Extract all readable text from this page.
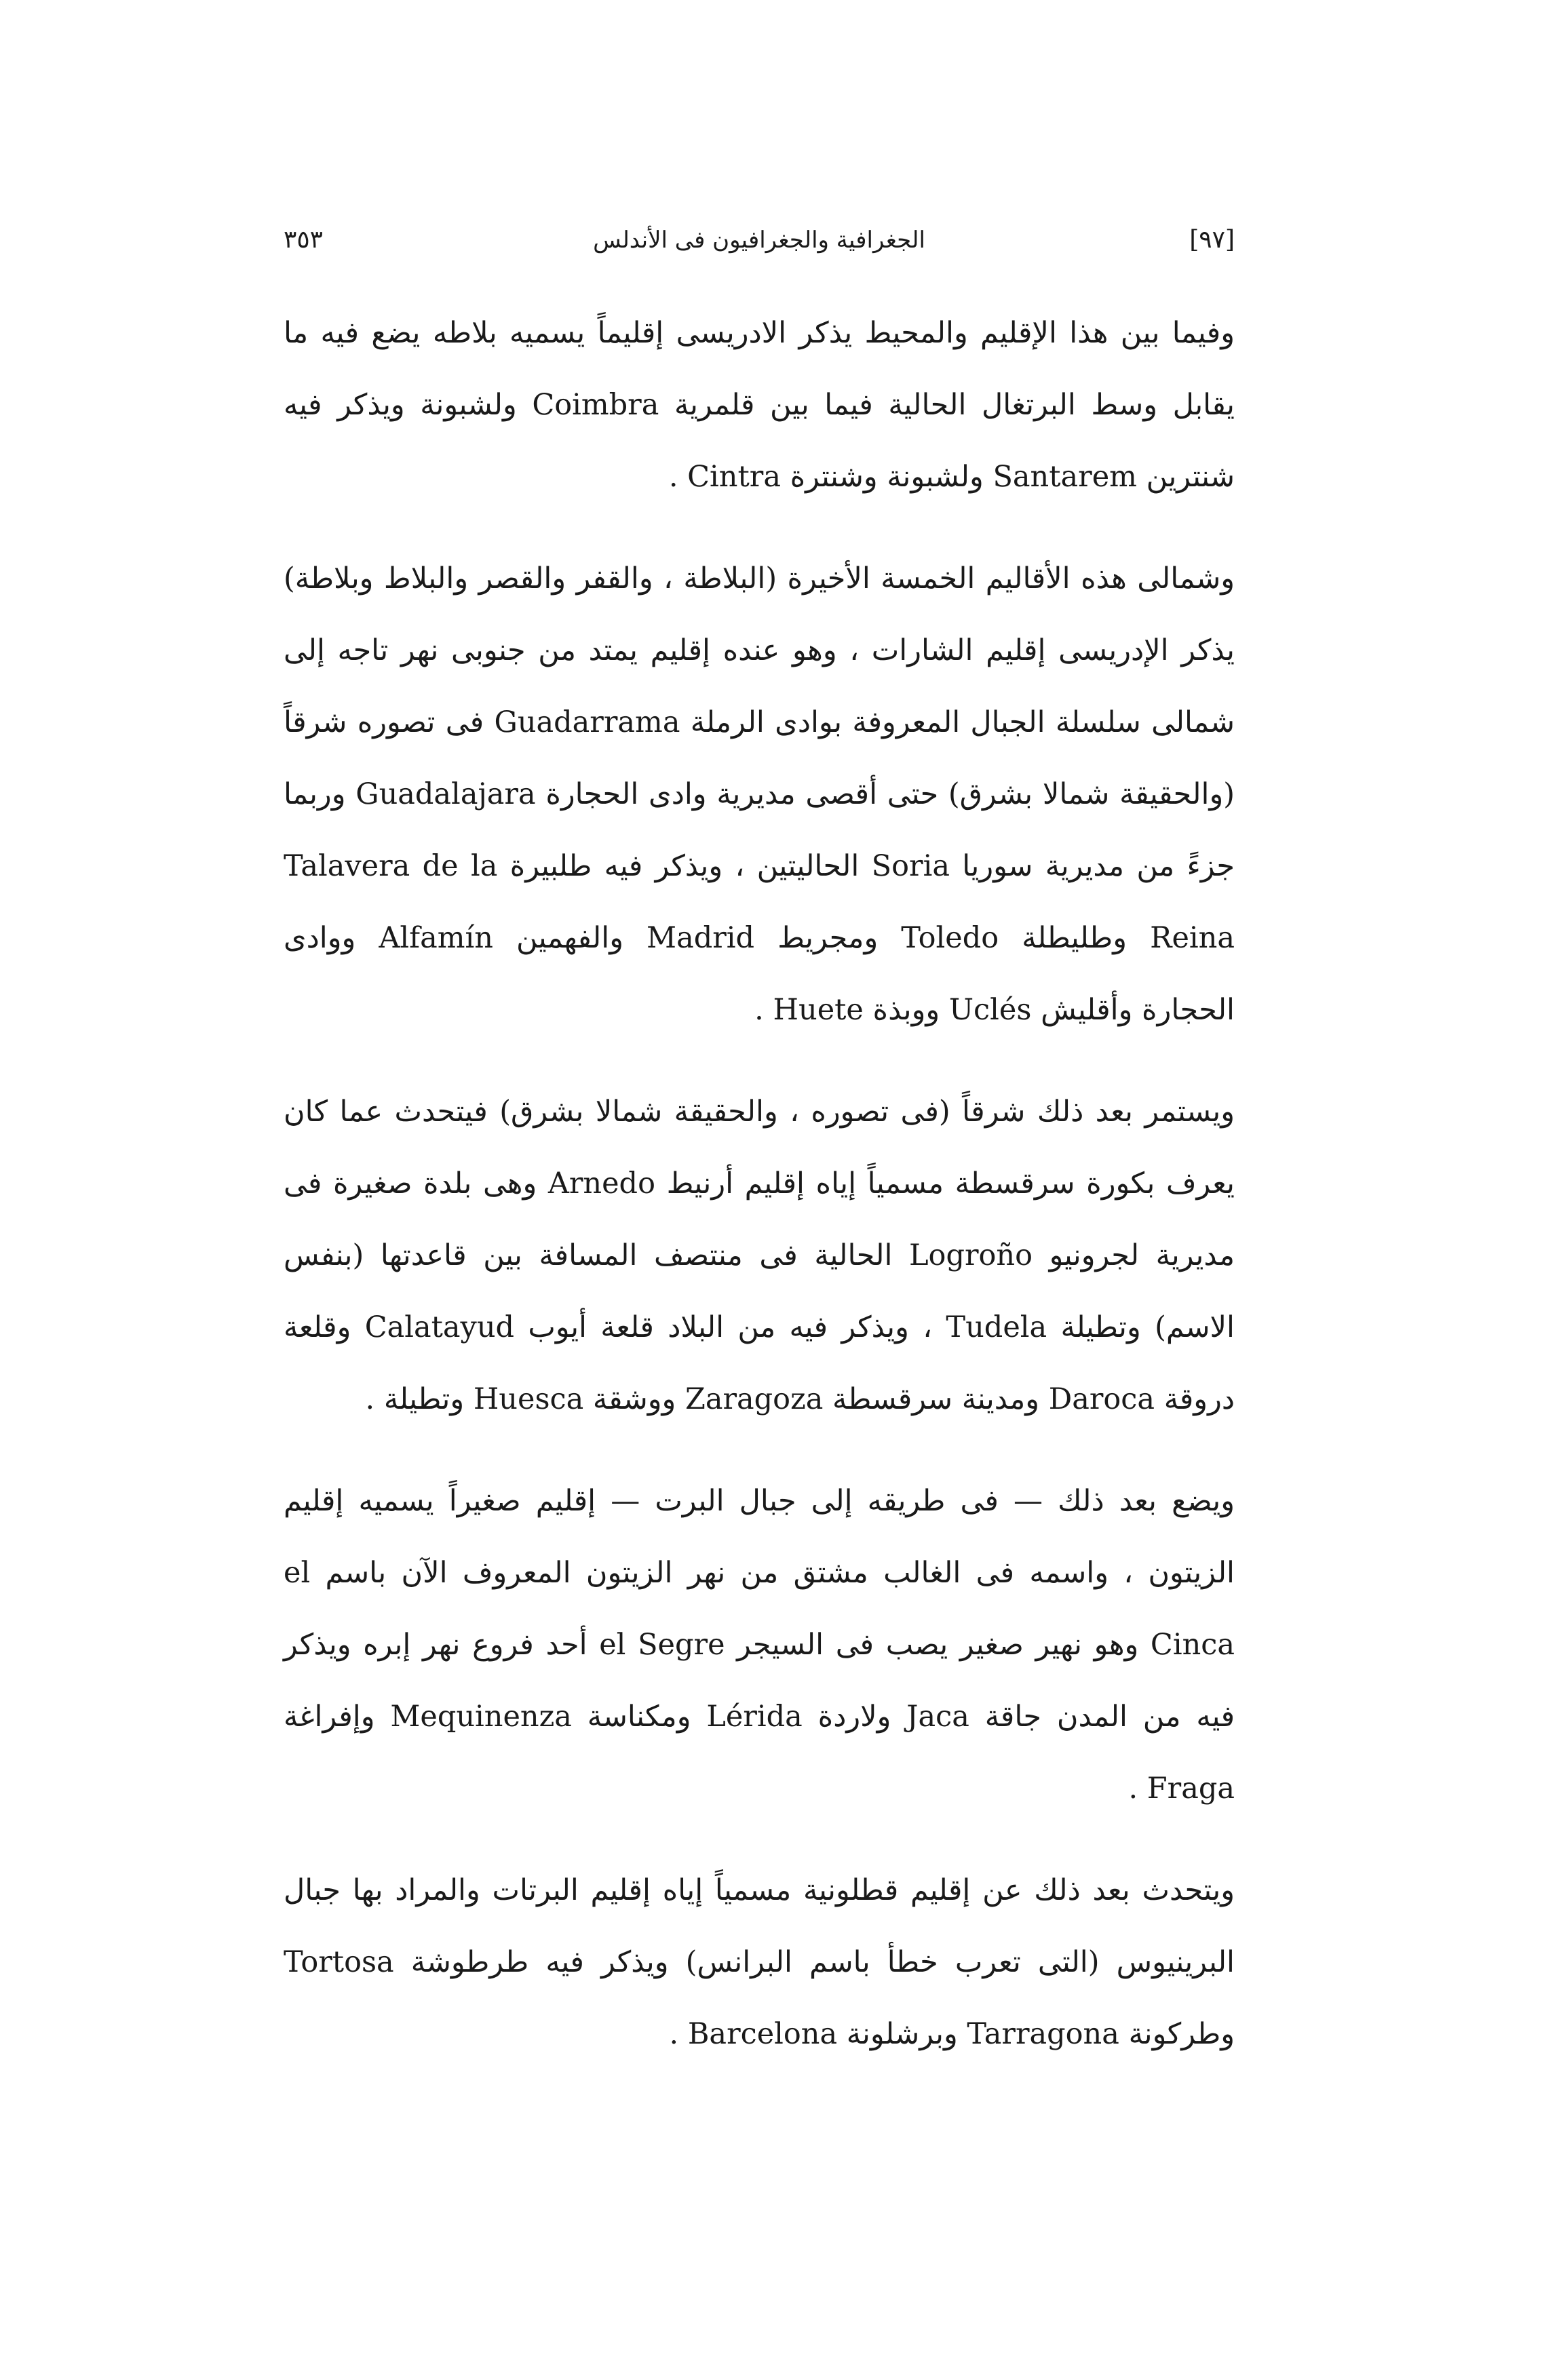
٣٥٣	الجغرافية والجغرافيون فى الأندلس	[٩٧]

وفيما بين هذا الإقليم والمحيط يذكر الادريسى إقليماً يسميه بلاطه يضع فيه ما يقابل وسط البرتغال الحالية فيما بين قلمرية Coimbra ولشبونة ويذكر فيه شنترين Santarem ولشبونة وشنترة Cintra .

وشمالى هذه الأقاليم الخمسة الأخيرة (البلاطة ، والقفر والقصر والبلاط وبلاطة) يذكر الإدريسى إقليم الشارات ، وهو عنده إقليم يمتد من جنوبى نهر تاجه إلى شمالى سلسلة الجبال المعروفة بوادى الرملة Guadarrama فى تصوره شرقاً (والحقيقة شمالا بشرق) حتى أقصى مديرية وادى الحجارة Guadalajara وربما جزءً من مديرية سوريا Soria الحاليتين ، ويذكر فيه طلبيرة Talavera de la Reina وطليطلة Toledo ومجريط Madrid والفهمين Alfamín ووادى الحجارة وأقليش Uclés ووبذة Huete .

ويستمر بعد ذلك شرقاً (فى تصوره ، والحقيقة شمالا بشرق) فيتحدث عما كان يعرف بكورة سرقسطة مسمياً إياه إقليم أرنيط Arnedo وهى بلدة صغيرة فى مديرية لجرونيو Logroño الحالية فى منتصف المسافة بين قاعدتها (بنفس الاسم) وتطيلة Tudela ، ويذكر فيه من البلاد قلعة أيوب Calatayud وقلعة دروقة Daroca ومدينة سرقسطة Zaragoza ووشقة Huesca وتطيلة .

ويضع بعد ذلك — فى طريقه إلى جبال البرت — إقليم صغيراً يسميه إقليم الزيتون ، واسمه فى الغالب مشتق من نهر الزيتون المعروف الآن باسم el Cinca وهو نهير صغير يصب فى السيجر el Segre أحد فروع نهر إبره ويذكر فيه من المدن جاقة Jaca ولاردة Lérida ومكناسة Mequinenza وإفراغة Fraga .

ويتحدث بعد ذلك عن إقليم قطلونية مسمياً إياه إقليم البرتات والمراد بها جبال البرينيوس (التى تعرب خطأ باسم البرانس) ويذكر فيه طرطوشة Tortosa وطركونة Tarragona وبرشلونة Barcelona .
